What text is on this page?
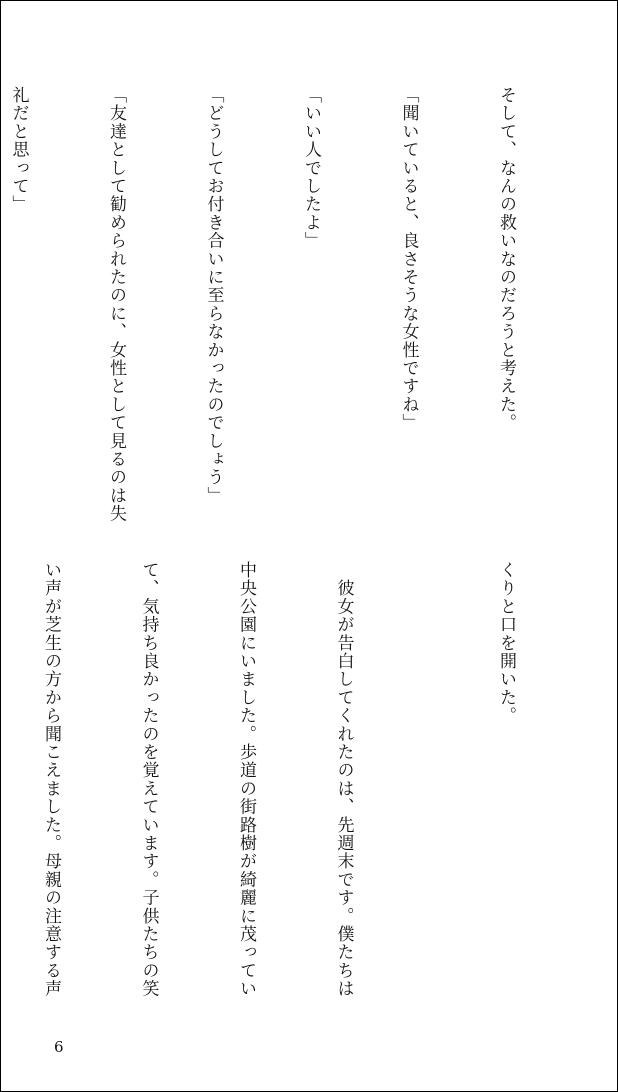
そして、なんの救いなのだろうと考えた。

「聞いていると、良さそうな女性ですね」

「いい人でしたよ」

「どうしてお付き合いに至らなかったのでしょう」

「友達として勧められたのに、女性として見るのは失

礼だと思って」

くりと口を開いた。

　彼女が告白してくれたのは、先週末です。僕たちは

中央公園にいました。歩道の街路樹が綺麗に茂ってい

て、気持ち良かったのを覚えています。子供たちの笑

い声が芝生の方から聞こえました。母親の注意する声

6
